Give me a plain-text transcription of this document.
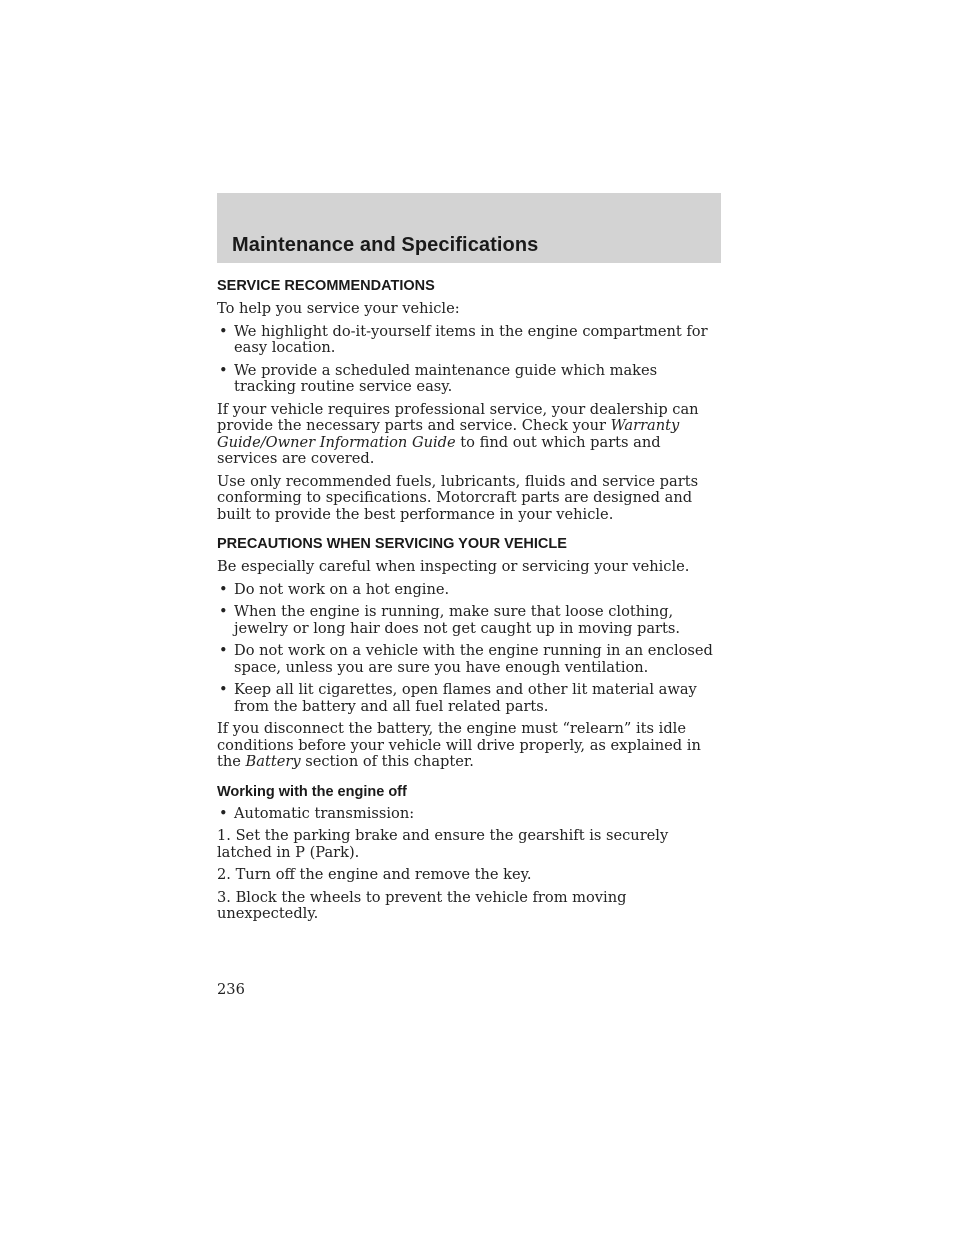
Maintenance and Specifications
SERVICE RECOMMENDATIONS

To help you service your vehicle:

• We highlight do-it-yourself items in the engine compartment for easy location.
• We provide a scheduled maintenance guide which makes tracking routine service easy.

If your vehicle requires professional service, your dealership can provide the necessary parts and service. Check your Warranty Guide/Owner Information Guide to find out which parts and services are covered.

Use only recommended fuels, lubricants, fluids and service parts conforming to specifications. Motorcraft parts are designed and built to provide the best performance in your vehicle.

PRECAUTIONS WHEN SERVICING YOUR VEHICLE

Be especially careful when inspecting or servicing your vehicle.

• Do not work on a hot engine.
• When the engine is running, make sure that loose clothing, jewelry or long hair does not get caught up in moving parts.
• Do not work on a vehicle with the engine running in an enclosed space, unless you are sure you have enough ventilation.
• Keep all lit cigarettes, open flames and other lit material away from the battery and all fuel related parts.

If you disconnect the battery, the engine must “relearn” its idle conditions before your vehicle will drive properly, as explained in the Battery section of this chapter.

Working with the engine off
• Automatic transmission:
1. Set the parking brake and ensure the gearshift is securely latched in P (Park).
2. Turn off the engine and remove the key.
3. Block the wheels to prevent the vehicle from moving unexpectedly.
236
